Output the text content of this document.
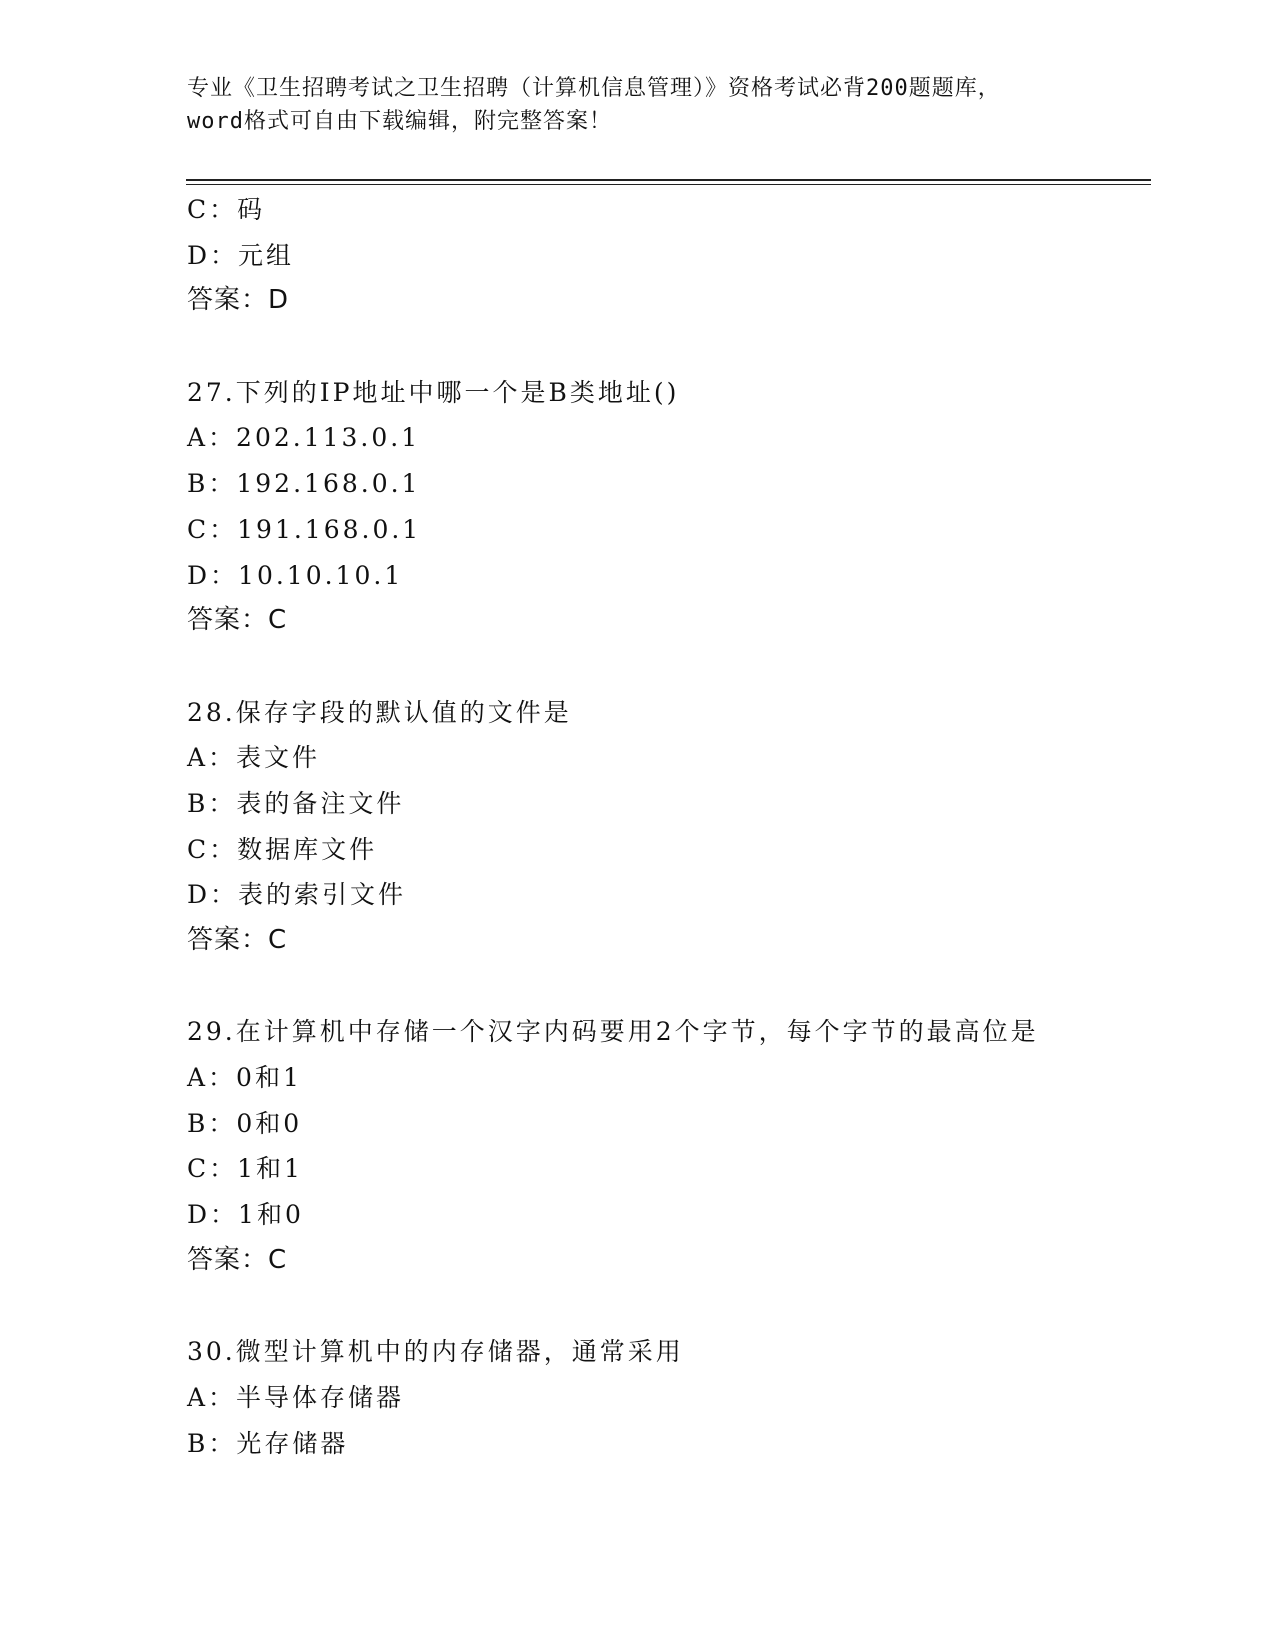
专业《卫生招聘考试之卫生招聘（计算机信息管理）》资格考试必背200题题库，
word格式可自由下载编辑，附完整答案！
C：码
D：元组
答案：D
27.下列的IP地址中哪一个是B类地址()
A：202.113.0.1
B：192.168.0.1
C：191.168.0.1
D：10.10.10.1
答案：C
28.保存字段的默认值的文件是
A：表文件
B：表的备注文件
C：数据库文件
D：表的索引文件
答案：C
29.在计算机中存储一个汉字内码要用2个字节，每个字节的最高位是
A：0和1
B：0和0
C：1和1
D：1和0
答案：C
30.微型计算机中的内存储器，通常采用
A：半导体存储器
B：光存储器
